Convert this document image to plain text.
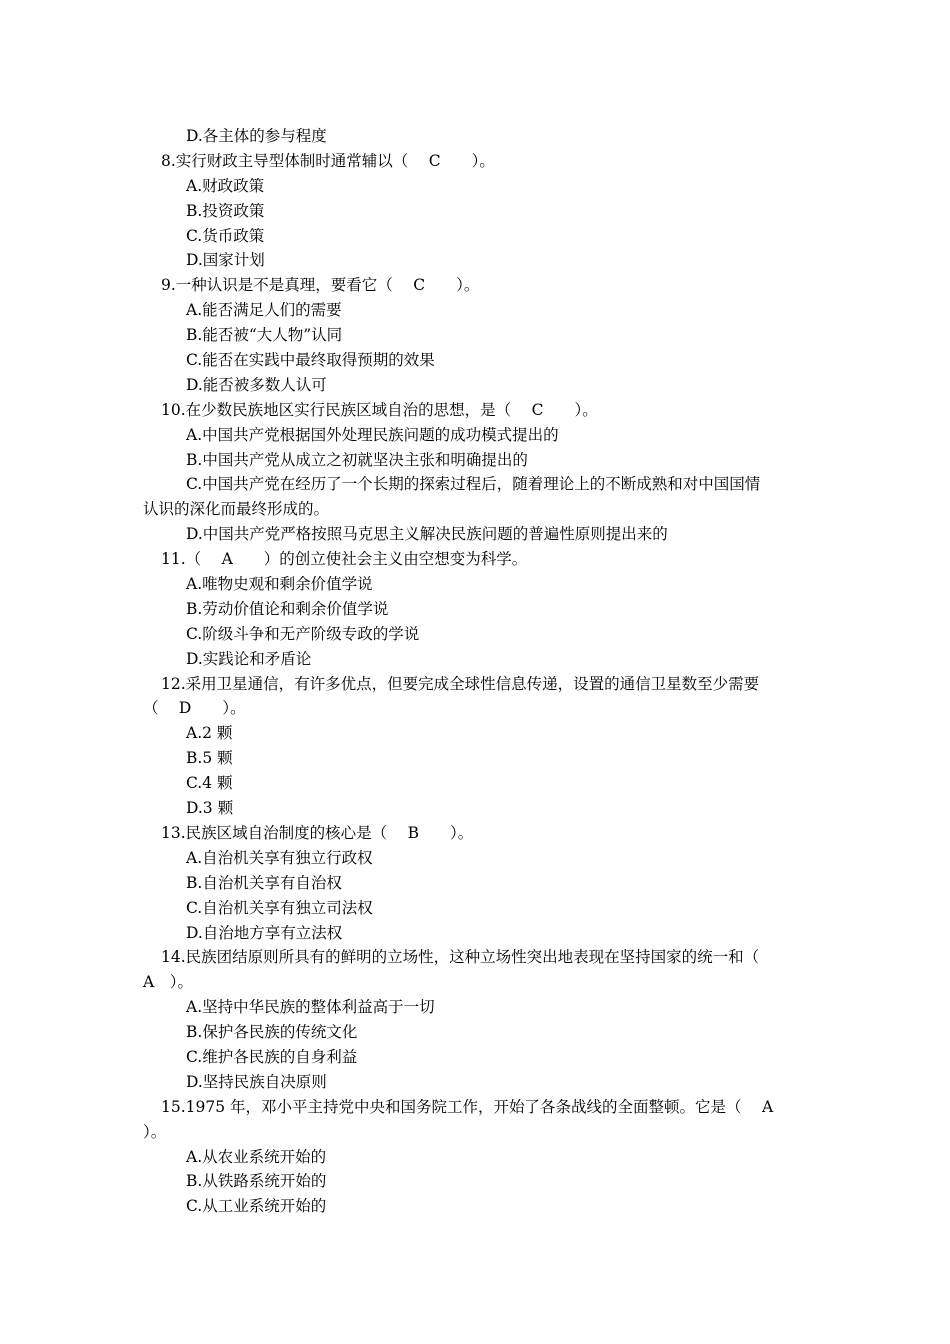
D.各主体的参与程度
8.实行财政主导型体制时通常辅以（　 C　　）。
A.财政政策
B.投资政策
C.货币政策
D.国家计划
9.一种认识是不是真理，要看它（　 C　　）。
A.能否满足人们的需要
B.能否被“大人物”认同
C.能否在实践中最终取得预期的效果
D.能否被多数人认可
10.在少数民族地区实行民族区域自治的思想，是（　 C　　）。
A.中国共产党根据国外处理民族问题的成功模式提出的
B.中国共产党从成立之初就坚决主张和明确提出的
C.中国共产党在经历了一个长期的探索过程后，随着理论上的不断成熟和对中国国情
认识的深化而最终形成的。
D.中国共产党严格按照马克思主义解决民族问题的普遍性原则提出来的
11.（　 A　　）的创立使社会主义由空想变为科学。
A.唯物史观和剩余价值学说
B.劳动价值论和剩余价值学说
C.阶级斗争和无产阶级专政的学说
D.实践论和矛盾论
12.采用卫星通信，有许多优点，但要完成全球性信息传递，设置的通信卫星数至少需要
（　 D　　）。
A.2 颗
B.5 颗
C.4 颗
D.3 颗
13.民族区域自治制度的核心是（　 B　　）。
A.自治机关享有独立行政权
B.自治机关享有自治权
C.自治机关享有独立司法权
D.自治地方享有立法权
14.民族团结原则所具有的鲜明的立场性，这种立场性突出地表现在坚持国家的统一和（
A　）。
A.坚持中华民族的整体利益高于一切
B.保护各民族的传统文化
C.维护各民族的自身利益
D.坚持民族自决原则
15.1975 年，邓小平主持党中央和国务院工作，开始了各条战线的全面整顿。它是（　 A
）。
A.从农业系统开始的
B.从铁路系统开始的
C.从工业系统开始的
